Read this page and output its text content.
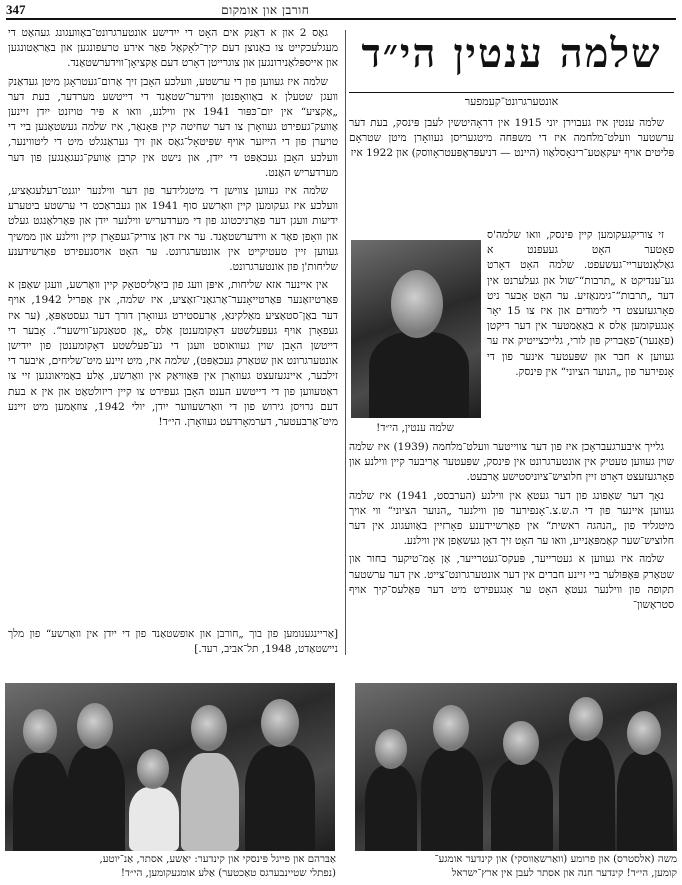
347	חורבן און אומקום
שלמה ענטין הי״ד
אונטערגרונט־קעמפער

שלמה ענטין איז געבוירן יוני 1915 אין דראָהיטשין לעבן פּינסק, בעת דער ערשטער וועלט־מלחמה איז די משפּחה מיטגעריסן געוואָרן מיטן שטראָם פּליטים אויף יעקאַטע־רינאָסלאַוו (היינט — דניעפּראָפּעטראָווסק) און 1922 איז

זי צוריקגעקומען קיין פּינסק, וואו שלמה'ס פאָטער האָט געעפנט א גאַלאַנטעריי־געשעפט. שלמה האָט דאָרט גע־ענדיקט א „תרבות“־שול און געלערנט אין דער „תרבות“־גימנאַזיע. ער האָט אָבער ניט פאָרגעזעצט די לימודים און איז צו 15 יאָר אָנגעקומען אַלס א באַאַמטער אין דער דיקטן (פאַנער)־פאַבריק פון לורי, גלייכצייטיק איז ער געווען א חבר און שפּעטער אינער פון די אָנפירער פון „הנוער הציוני“ אין פּינסק.

שלמה ענטין, הי״ד!

גלייך איבערגעבראָכן איז פון דער צווייטער וועלט־מלחמה (1939) איז שלמה שוין געווען טעטיק אין אונטערגרונט אין פּינסק, שפּעטער אַריבער קיין ווילנע און פאָרגעזעצט דאָרט זיין חלוציש־ציוניסטישע אַרבעט.

נאָך דער שאַפונג פון דער געטאָ אין ווילנע (הערבסט, 1941) איז שלמה געווען איינער פון די ה.ש.צ.־אָנפירער פון ווילנער „הנוער הציוני“ ווי אויך מיטגליד פון „הנהגה ראשית“ אין פאַרשיידענע פאָרזיין באַוועגונג אין דער חלוציש־שער קאַמפּאַנייע, וואו ער האָט זיך דאָן געשאַפן אין ווילנע.

שלמה איז געווען א געטרייער, פּעקס־געטרייער, אַן אָמ־טיקער בחור און שטאַרק פּאָפּולער ביי זיינע חברים אין דער אונטערגרונט־צייט. אין דער ערשטער תקופה פון ווילנער געטאָ האָט ער אָנגעפירט מיט דער פּאַלעס־קיך אויף סטראַשון־

גאַס 2 און א דאַנק אים האָט די ייִדישע אונטערגרונט־באַוועגונג געהאַט די מעגלעכקייט צו באַנוצן דעם קיך־לאָקאַל פאַר אירע טרעפונגען און באַראַטונגען און אייספּלאַנירונגען און צוגרייטן דאָרט דעם אַקציאָן־ווידערשטאַנד.

שלמה איז געווען פון די ערשטע, וועלכע האָבן זיך אַרום־געטראָגן מיטן געדאַנק וועגן שטעלן א באַוואָפנטן ווידער־שטאַנד די דייטשע מערדער, בעת דער „אַקציע“ אין יום־כּפּור 1941 אין ווילנע, וואו א פּיר טויזנט ייִדן זיינען אַוועק־געפירט געוואָרן צו דער שחיטה קיין פּאָנאַר, איז שלמה געשטאַנען ביי די טויערן פון די הייזער אויף שפּיטאָל־גאַס און זיך געראַנגלט מיט די ליטווינער, וועלכע האָבן געכאַפּט די ייִדן, און נישט אין קרבן אַוועק־געגאַנגען פון דער מערדעריש האַנט.

שלמה איז געווען צווישן די מיטגלידער פון דער ווילנער יוגנט־דעלעגאַציע, וועלכע איז געקומען קיין וואַרשע סוף 1941 און געבראַכט די ערשטע ביטערע ידיעות וועגן דער פאַרניכטונג פון די מערדעריש ווילנער ייִדן און פּאַרלאַנגט געלט און וואָפן פאַר א ווידערשטאַנד. ער איז דאַן צוריק־געפאָרן קיין ווילנע און ממשיך געווען זיין טעטיקייט אין אונטערגרונט. ער האָט אויסגעפירט פאַרשידענע שליחות'ן פון אונטערגרונט.

אין איינער אזא שליחות, איפּן וועג פון ביאַליסטאָק קיין וואַרשע, וועגן שאַפן א פּאַרטיזאַנער פּאַרטייאָנער־אַרגאַני־זאַציע, איז שלמה, אין אַפּריל 1942, אויף דער באַן־סטאַציע מאַלקינאַ, אַרעסטירט געוואָרן דורך דער געסטאַפּאָ, (ער איז געפאָרן אויף געפעלשטע דאָקומענטן אַלס „אַן סטאַנקע־ווישער“. אָבער די דייטשן האָבן שוין געוואוסט וועגן די גע־פעלשטע דאָקומענטן פון ייִדישן אונטערגרונט און שטאַרק געכאַפּט), שלמה איז, מיט זיינע מיט־שליחים, איבער די זילבער, איינגעזעצט געוואָרן אין פּאַוויאַק אין וואַרשע, אַלע באַמיאונגען זיי צו ראַטעווען פון די דייטשע הענט האָבן געפירט צו קיין ריזולטאַט און אין א בעת דעם גרויסן גירוש פון די וואַרשעווער ייִדן, יולי 1942, צוזאַמען מיט זיינע מיט־אַרבעטער, דערמאָרדעט געוואָרן. הי״ד!

[אַריינגענומען פון בוך „חורבן און אופשטאַנד פון די ייִדן אין וואַרשע“ פון מלך ניישטאַדט, 1948, תל־אביב, רעד.]
אַבּרהם און פייגל פּינסקי און קינדער: יאַשע, אסתר, אַנ־יוטע,
(נפתלי שטיינבערגס טאַכטער) אַלע אומגעקומען, הי״ד!
משה (אלסטרס) און פרומע (וואַרשאַווסקי) און קינדער אומגע־
קומען, הי״ד! קינדער חנה און אסתר לעבן אין ארץ־ישראל
